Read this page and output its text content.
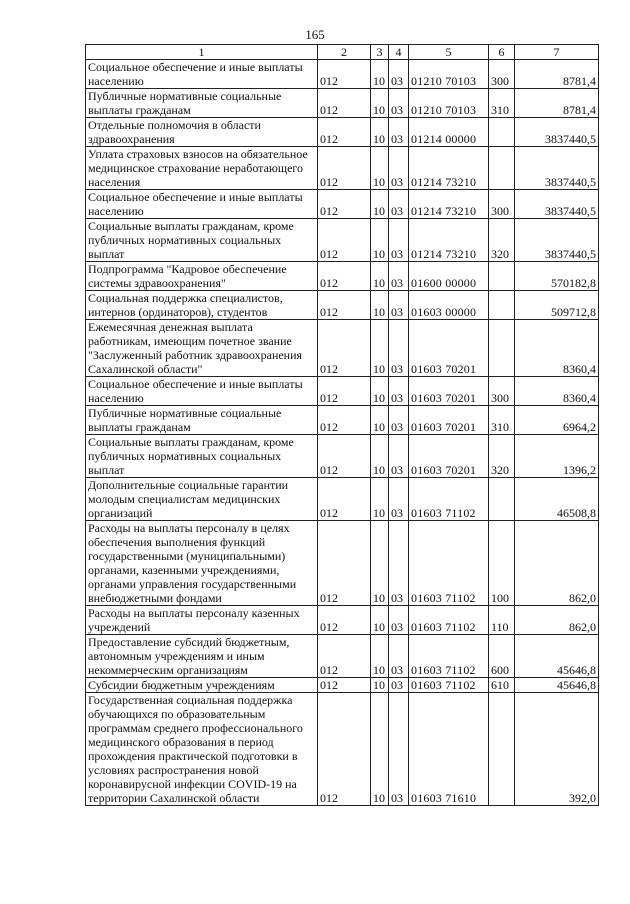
165
1	2	3	4	5	6	7
Социальное обеспечение и иные выплаты населению	012	10	03	01210 70103	300	8781,4
Публичные нормативные социальные выплаты гражданам	012	10	03	01210 70103	310	8781,4
Отдельные полномочия в области здравоохранения	012	10	03	01214 00000		3837440,5
Уплата страховых взносов на обязательное медицинское страхование неработающего населения	012	10	03	01214 73210		3837440,5
Социальное обеспечение и иные выплаты населению	012	10	03	01214 73210	300	3837440,5
Социальные выплаты гражданам, кроме публичных нормативных социальных выплат	012	10	03	01214 73210	320	3837440,5
Подпрограмма "Кадровое обеспечение системы здравоохранения"	012	10	03	01600 00000		570182,8
Социальная поддержка специалистов, интернов (ординаторов), студентов	012	10	03	01603 00000		509712,8
Ежемесячная денежная выплата работникам, имеющим почетное звание "Заслуженный работник здравоохранения Сахалинской области"	012	10	03	01603 70201		8360,4
Социальное обеспечение и иные выплаты населению	012	10	03	01603 70201	300	8360,4
Публичные нормативные социальные выплаты гражданам	012	10	03	01603 70201	310	6964,2
Социальные выплаты гражданам, кроме публичных нормативных социальных выплат	012	10	03	01603 70201	320	1396,2
Дополнительные социальные гарантии молодым специалистам медицинских организаций	012	10	03	01603 71102		46508,8
Расходы на выплаты персоналу в целях обеспечения выполнения функций государственными (муниципальными) органами, казенными учреждениями, органами управления государственными внебюджетными фондами	012	10	03	01603 71102	100	862,0
Расходы на выплаты персоналу казенных учреждений	012	10	03	01603 71102	110	862,0
Предоставление субсидий бюджетным, автономным учреждениям и иным некоммерческим организациям	012	10	03	01603 71102	600	45646,8
Субсидии бюджетным учреждениям	012	10	03	01603 71102	610	45646,8
Государственная социальная поддержка обучающихся по образовательным программам среднего профессионального медицинского образования в период прохождения практической подготовки в условиях распространения новой коронавирусной инфекции COVID-19 на территории Сахалинской области	012	10	03	01603 71610		392,0
